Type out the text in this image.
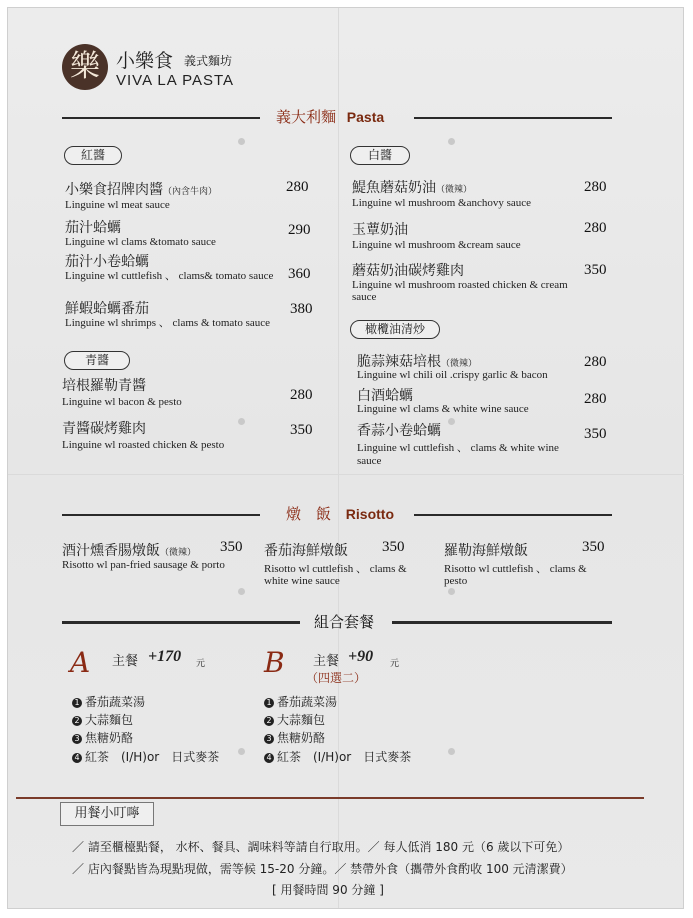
樂 小樂食 義式麵坊
VIVA LA PASTA
義大利麵 Pasta
紅醬
小樂食招牌肉醬（內含牛肉）
Linguine wl meat sauce
280
茄汁蛤蠣
Linguine wl clams &tomato sauce
290
茄汁小卷蛤蠣
Linguine wl cuttlefish 、 clams& tomato sauce 360
鮮蝦蛤蠣番茄
Linguine wl shrimps 、 clams & tomato sauce
380
青醬
培根羅勒青醬
Linguine wl bacon & pesto	280
青醬碳烤雞肉
Linguine wl roasted chicken & pesto
350
白醬
鯷魚蘑菇奶油（微辣）
Linguine wl mushroom &anchovy sauce
280
玉蕈奶油
Linguine wl mushroom &cream sauce
280
蘑菇奶油碳烤雞肉
Linguine wl mushroom roasted chicken & cream sauce
350
橄欖油清炒
脆蒜辣菇培根（微辣）
Linguine wl chili oil .crispy garlic & bacon
280
白酒蛤蠣
Linguine wl clams & white wine sauce
280
香蒜小卷蛤蠣
Linguine wl cuttlefish 、 clams & white wine sauce
350
燉　飯 Risotto
酒汁燻香腸燉飯（微辣）
Risotto wl pan-fried sausage & porto
350 番茄海鮮燉飯
Risotto wl cuttlefish 、 clams & white wine sauce
350	羅勒海鮮燉飯
Risotto wl cuttlefish 、 clams & pesto
350
組合套餐
A 主餐 +170 元
1 番茄蔬菜湯
2 大蒜麵包
3 焦糖奶酪
4 紅茶　(I/H)or　日式麥茶
B 主餐 +90 元
（四選二）
1 番茄蔬菜湯
2 大蒜麵包
3 焦糖奶酪
4 紅茶　(I/H)or　日式麥茶
用餐小叮嚀
／ 請至櫃檯點餐， 水杯、餐具、調味料等請自行取用。／ 每人低消 180 元（6 歲以下可免）
／ 店內餐點皆為現點現做，需等候 15-20 分鐘。／ 禁帶外食（攜帶外食酌收 100 元清潔費）
[ 用餐時間 90 分鐘 ]
